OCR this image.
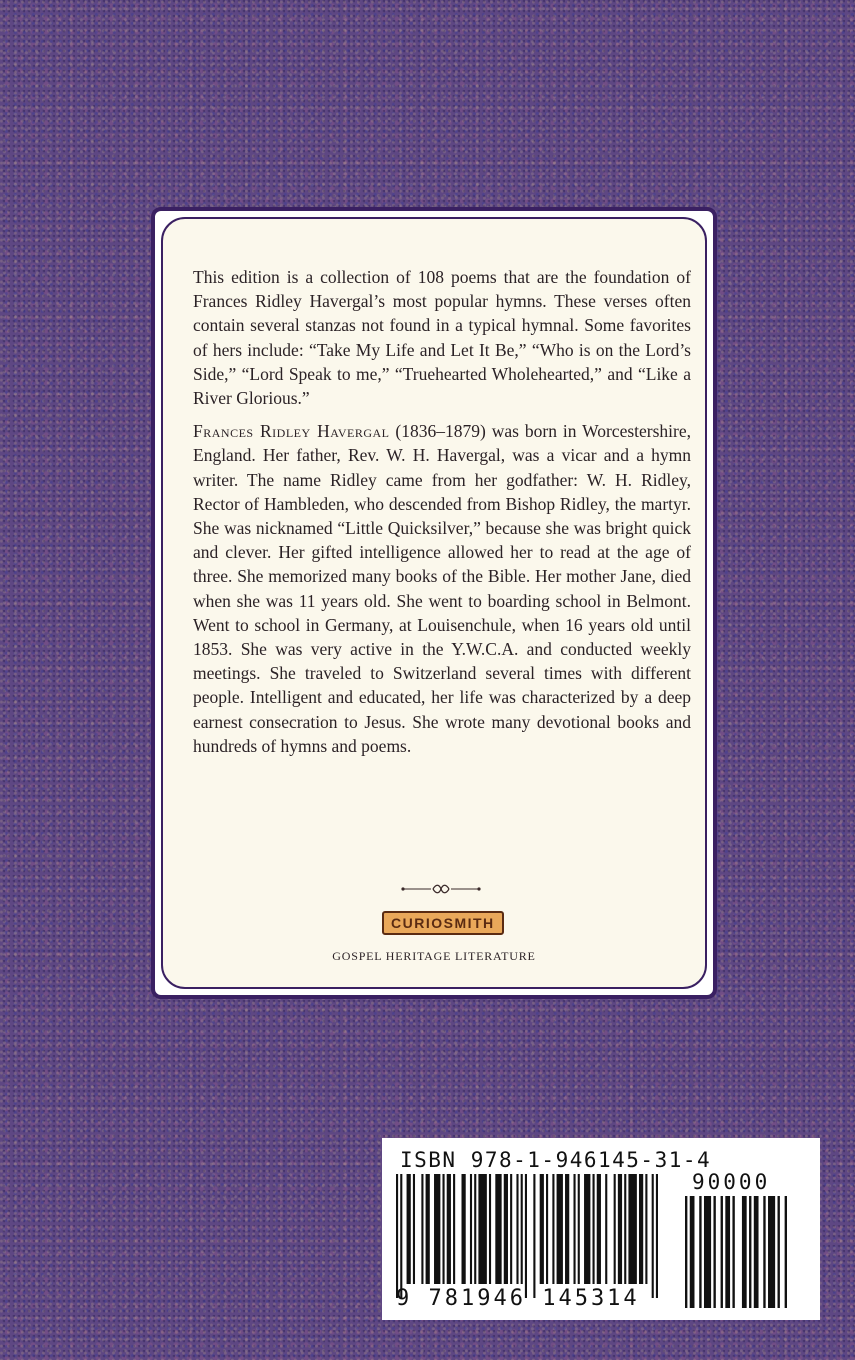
This edition is a collection of 108 poems that are the foundation of Frances Ridley Havergal’s most popular hymns. These verses often contain several stanzas not found in a typical hymnal. Some favorites of hers include: “Take My Life and Let It Be,” “Who is on the Lord’s Side,” “Lord Speak to me,” “Truehearted Wholehearted,” and “Like a River Glorious.”

Frances Ridley Havergal (1836–1879) was born in Worcestershire, England. Her father, Rev. W. H. Havergal, was a vicar and a hymn writer. The name Ridley came from her godfather: W. H. Ridley, Rector of Hambleden, who descended from Bishop Ridley, the martyr. She was nicknamed “Little Quicksilver,” because she was bright quick and clever. Her gifted intelligence allowed her to read at the age of three. She memorized many books of the Bible. Her mother Jane, died when she was 11 years old. She went to boarding school in Belmont. Went to school in Germany, at Louisenchule, when 16 years old until 1853. She was very active in the Y.W.C.A. and conducted weekly meetings. She traveled to Switzerland several times with different people. Intelligent and educated, her life was characterized by a deep earnest consecration to Jesus. She wrote many devotional books and hundreds of hymns and poems.

CURIOSMITH
GOSPEL HERITAGE LITERATURE
ISBN 978-1-946145-31-4
90000
9 781946 145314
